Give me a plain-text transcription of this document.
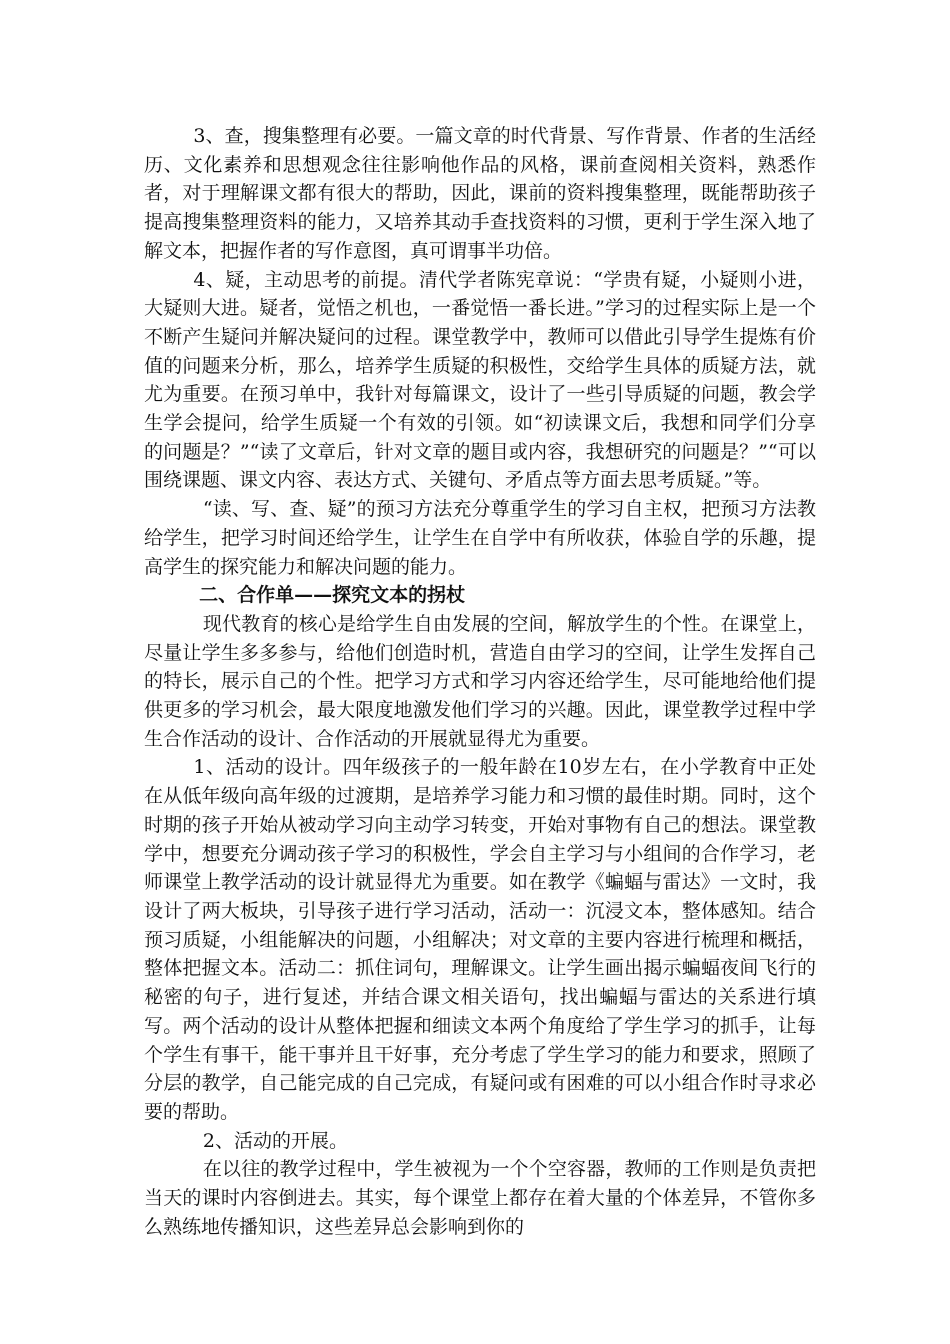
3、查，搜集整理有必要。一篇文章的时代背景、写作背景、作者的生活经历、文化素养和思想观念往往影响他作品的风格，课前查阅相关资料，熟悉作者，对于理解课文都有很大的帮助，因此，课前的资料搜集整理，既能帮助孩子提高搜集整理资料的能力，又培养其动手查找资料的习惯，更利于学生深入地了解文本，把握作者的写作意图，真可谓事半功倍。

4、疑，主动思考的前提。清代学者陈宪章说：“学贵有疑，小疑则小进，大疑则大进。疑者，觉悟之机也，一番觉悟一番长进。”学习的过程实际上是一个不断产生疑问并解决疑问的过程。课堂教学中，教师可以借此引导学生提炼有价值的问题来分析，那么，培养学生质疑的积极性，交给学生具体的质疑方法，就尤为重要。在预习单中，我针对每篇课文，设计了一些引导质疑的问题，教会学生学会提问，给学生质疑一个有效的引领。如“初读课文后，我想和同学们分享的问题是？”“读了文章后，针对文章的题目或内容，我想研究的问题是？”“可以围绕课题、课文内容、表达方式、关键句、矛盾点等方面去思考质疑。”等。

“读、写、查、疑”的预习方法充分尊重学生的学习自主权，把预习方法教给学生，把学习时间还给学生，让学生在自学中有所收获，体验自学的乐趣，提高学生的探究能力和解决问题的能力。

二、合作单——探究文本的拐杖

现代教育的核心是给学生自由发展的空间，解放学生的个性。在课堂上，尽量让学生多多参与，给他们创造时机，营造自由学习的空间，让学生发挥自己的特长，展示自己的个性。把学习方式和学习内容还给学生，尽可能地给他们提供更多的学习机会，最大限度地激发他们学习的兴趣。因此，课堂教学过程中学生合作活动的设计、合作活动的开展就显得尤为重要。

1、活动的设计。四年级孩子的一般年龄在10岁左右，在小学教育中正处在从低年级向高年级的过渡期，是培养学习能力和习惯的最佳时期。同时，这个时期的孩子开始从被动学习向主动学习转变，开始对事物有自己的想法。课堂教学中，想要充分调动孩子学习的积极性，学会自主学习与小组间的合作学习，老师课堂上教学活动的设计就显得尤为重要。如在教学《蝙蝠与雷达》一文时，我设计了两大板块，引导孩子进行学习活动，活动一：沉浸文本，整体感知。结合预习质疑，小组能解决的问题，小组解决；对文章的主要内容进行梳理和概括，整体把握文本。活动二：抓住词句，理解课文。让学生画出揭示蝙蝠夜间飞行的秘密的句子，进行复述，并结合课文相关语句，找出蝙蝠与雷达的关系进行填写。两个活动的设计从整体把握和细读文本两个角度给了学生学习的抓手，让每个学生有事干，能干事并且干好事，充分考虑了学生学习的能力和要求，照顾了分层的教学，自己能完成的自己完成，有疑问或有困难的可以小组合作时寻求必要的帮助。

2、活动的开展。

在以往的教学过程中，学生被视为一个个空容器，教师的工作则是负责把当天的课时内容倒进去。其实，每个课堂上都存在着大量的个体差异，不管你多么熟练地传播知识，这些差异总会影响到你的
